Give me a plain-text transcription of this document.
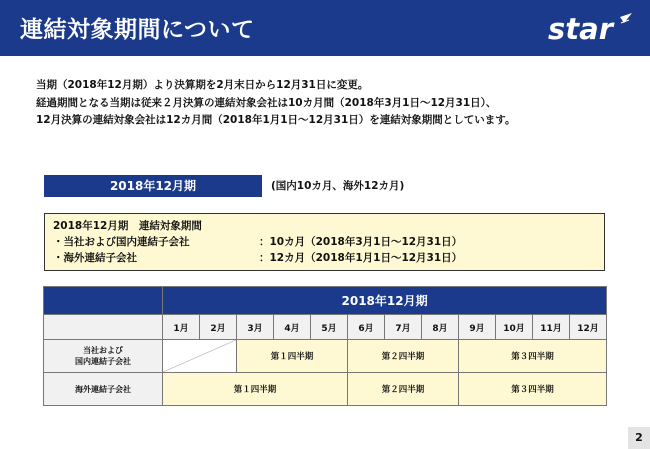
連結対象期間について	star
当期（2018年12月期）より決算期を2月末日から12月31日に変更。
経過期間となる当期は従来２月決算の連結対象会社は10カ月間（2018年3月1日～12月31日）、
12月決算の連結対象会社は12カ月間（2018年1月1日～12月31日）を連結対象期間としています。
2018年12月期	(国内10カ月、海外12カ月)
2018年12月期　連結対象期間
・当社および国内連結子会社	：10カ月（2018年3月1日～12月31日）
・海外連結子会社	：12カ月（2018年1月1日～12月31日）
	2018年12月期											
	1月	2月	3月	4月	5月	6月	7月	8月	9月	10月	11月	12月

当社および
国内連結子会社			第１四半期			第２四半期			第３四半期			
海外連結子会社	第１四半期					第２四半期			第３四半期			
2
